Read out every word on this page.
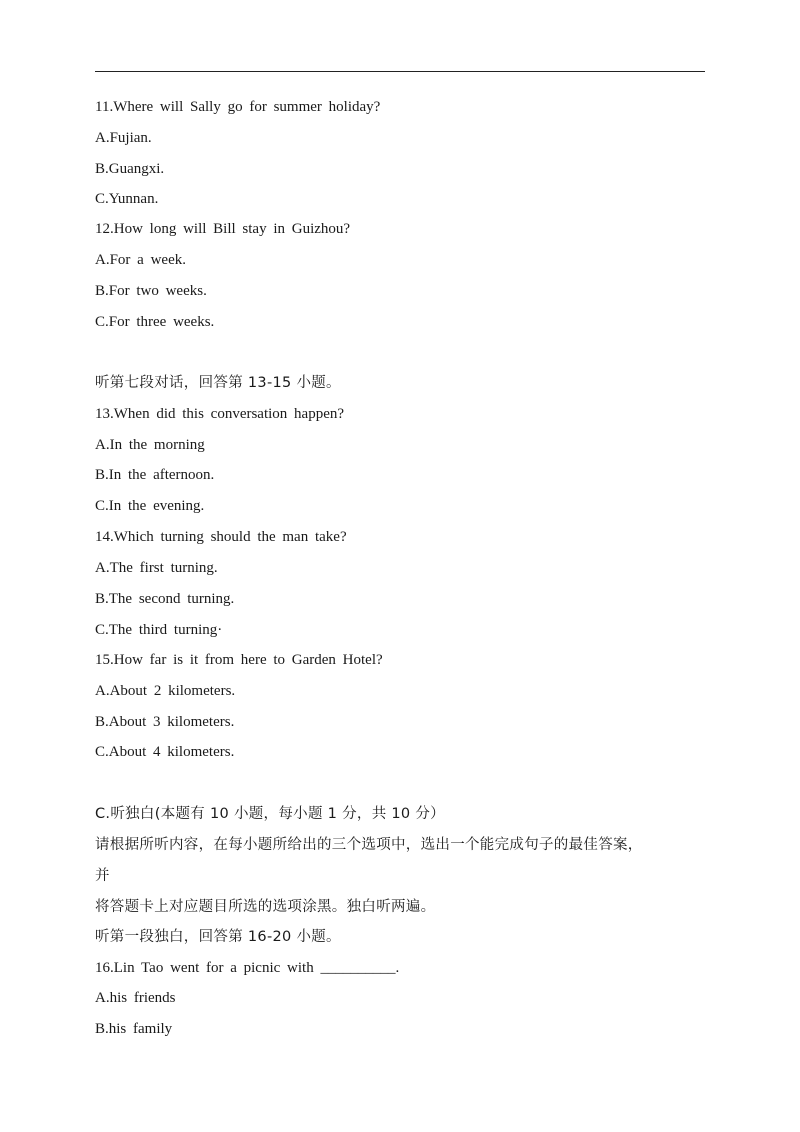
11.Where will Sally go for summer holiday?
A.Fujian.
B.Guangxi.
C.Yunnan.
12.How long will Bill stay in Guizhou?
A.For a week.
B.For two weeks.
C.For three weeks.
听第七段对话，回答第 13-15 小题。
13.When did this conversation happen?
A.In the morning
B.In the afternoon.
C.In the evening.
14.Which turning should the man take?
A.The first turning.
B.The second turning.
C.The third turning·
15.How far is it from here to Garden Hotel?
A.About 2 kilometers.
B.About 3 kilometers.
C.About 4 kilometers.
C.听独白(本题有 10 小题，每小题 1 分，共 10 分）
请根据所听内容，在每小题所给出的三个选项中，选出一个能完成句子的最佳答案，
并
将答题卡上对应题目所选的选项涂黑。独白听两遍。
听第一段独白，回答第 16-20 小题。
16.Lin Tao went for a picnic with __________.
A.his friends
B.his family
